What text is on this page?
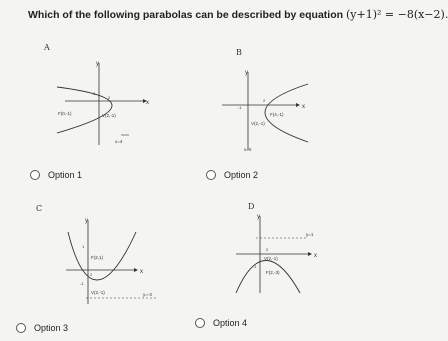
Which of the following parabolas can be described by equation (y+1)² = −8(x−2).
A
y
x
-1
2
F(0,-1)	V(2,-1)
x=4
B
y
x
2
-1
F(4,-1)
V(2,-1)
x=0
Option 1	Option 2
C
y
x
1
2
-1
F(2,1)
V(2,-1)	y=-3
D
y
x
y=1
2
-1
F(2,-3)
V(2,-1)
Option 4
Option 3
